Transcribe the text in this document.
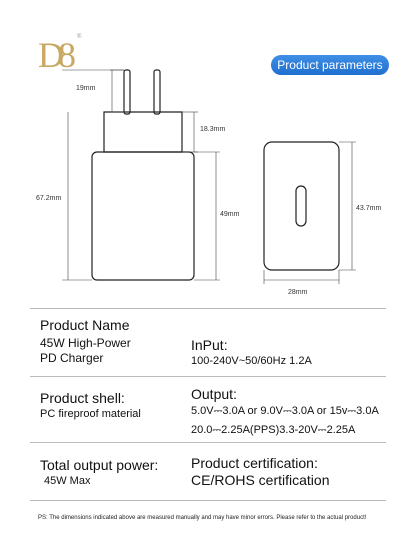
D8 ®
Product parameters
19mm
18.3mm
67.2mm
49mm
43.7mm
28mm
Product Name
45W High-Power
PD Charger
InPut:
100-240V~50/60Hz 1.2A
Product shell:
PC fireproof material
Output:
5.0V⎓3.0A or 9.0V⎓3.0A or 15v⎓3.0A
20.0⎓2.25A(PPS)3.3-20V⎓2.25A
Total output power:
45W Max
Product certification:
CE/ROHS certification
PS: The dimensions indicated above are measured manually and may have minor errors. Please refer to the actual product!
